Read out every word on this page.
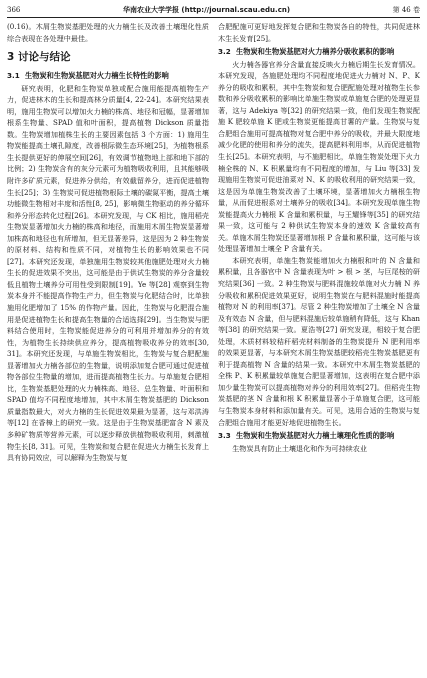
366	华南农业大学学报 (http://journal.scau.edu.cn)	第 46 卷

(0.16)。木屑生物炭基肥处理的火力楠生长及改善土壤理化性质综合表现在各处理中最佳。

3 讨论与结论
3.1 生物炭和生物炭基肥对火力楠生长特性的影响

研究表明，化肥和生物炭单独或配合施用能提高植物生产力，促进林木的生长和提高林分质量[4, 22-24]。本研究结果表明，施用生物炭可以增加火力楠的株高、地径和冠幅，显著增加根系生物量、SPAD 值和叶面积，提高植物 Dickson 质量指数。生物炭增加植株生长的主要因素包括 3 个方面：1) 施用生物炭能提高土壤孔隙度，改善根际微生态环境[25]，为植物根系生长提供更好的伸展空间[26]，有效调节植物地上部和地下部的比例；2) 生物炭含有的灰分元素可为植物吸收利用，且其能够吸附许多矿质元素，促进养分供给，有效截留养分，进而促进植物生长[25]；3) 生物炭可促进植物根际土壤的碳氮平衡，提高土壤功能微生物相对丰度和活性[8, 25]，影响微生物驱动的养分循环和养分形态转化过程[26]。本研究发现，与 CK 相比，施用稻壳生物炭显著增加火力楠的株高和地径，而施用木屑生物炭显著增加株高和地径也有所增加，但无显著差异，这是因为 2 种生物炭的原材料、结构和性质不同，对植物生长的影响效果也不同[27]。本研究还发现，单独施用生物炭较其他施肥处理对火力楠生长的促进效果不突出，这可能是由于供试生物炭的养分含量较低且植物土壤养分可用性受到限制[19]。Ye 等[28] 观察到生物炭本身并不能提高作物生产力，但生物炭与化肥结合时，比单独施用化肥增加了 15% 的作物产量。因此，生物炭与化肥混合施用是促进植物生长和提高生物量的合适选择[29]。当生物炭与肥料结合使用时，生物炭能促进养分的可利用并增加养分的有效性，为植物生长持续供应养分，提高植物吸收养分的效率[30, 31]。本研究还发现，与单施生物炭相比，生物炭与复合肥配施显著增加火力楠各部位的生物量，说明添加复合肥可通过促进植物各部位生物量的增加，进而提高植物生长力。与单施复合肥相比，生物炭基肥处理的火力楠株高、地径、总生物量、叶面积和 SPAD 值均不同程度地增加，其中木屑生物炭基肥的 Dickson 质量指数最大，对火力楠的生长促进效果最为显著，这与邓洪涛等[12] 在香樟上的研究一致。这是由于生物炭基肥富含 N 素及多种矿物质等营养元素，可以逐步释放供植物吸收利用，刺激植物生长[8, 31]。可见，生物炭和复合肥在促进火力楠生长发育上具有协同效应，可以解释为生物炭与复

合肥配施可更好地发挥复合肥和生物炭各自的特性，共同促进林木生长发育[25]。

3.2 生物炭和生物炭基肥对火力楠养分吸收累积的影响

火力楠各器官养分含量直接反映火力楠后期生长发育情况。本研究发现，各施肥处理均不同程度地促进火力楠对 N、P、K 养分的吸收和累积，其中生物炭和复合肥配施处理对植物生长参数和养分吸收累积的影响比单施生物炭或单施复合肥的处理更显著，这与 Adekiya 等[32] 的研究结果一致，他们发现生物炭配施 K 肥较单施 K 肥或生物炭更能提高甘薯的产量。生物炭与复合肥组合施用可提高植物对复合肥中养分的吸收，并最大限度地减少化肥的使用和养分的流失，提高肥料利用率，从而促进植物生长[25]。本研究表明，与不施肥相比，单施生物炭处理下火力楠全株的 N、K 积累量均有不同程度的增加，与 Liu 等[33] 发现施用生物炭可促进油菜对 N、K 的吸收利用的研究结果一致，这是因为单施生物炭改善了土壤环境，显著增加火力楠根生物量，从而促进根系对土壤养分的吸收[34]。本研究发现单施生物炭能提高火力楠根 K 含量和累积量，与王耀锋等[35] 的研究结果一致，这可能与 2 种供试生物炭本身的速效 K 含量较高有关。单施木屑生物炭还显著增加根 P 含量和累积量，这可能与该处理显著增加土壤全 P 含量有关。

本研究表明，单施生物炭能增加火力楠根和叶的 N 含量和累积量，且各器官中 N 含量表现为叶 > 根 > 茎，与巨尾桉的研究结果[36] 一致。2 种生物炭与肥料混施较单施对火力楠 N 养分吸收和累积促进效果更好，说明生物炭在与肥料混施时能提高植物对 N 的利用率[37]。尽管 2 种生物炭增加了土壤全 N 含量及有效态 N 含量，但与肥料混施后较单施稍有降低，这与 Khan 等[38] 的研究结果一致。夏浩等[27] 研究发现，相较于复合肥处理，木质材料较秸秆稻壳材料制备的生物炭提升 N 肥利用率的效果更显著，与本研究木屑生物炭基肥较稻壳生物炭基肥更有利于提高植物 N 含量的结果一致。本研究中木屑生物炭基肥的全株 P、K 积累量较单施复合肥显著增加，这表明在复合肥中添加少量生物炭可以提高植物对养分的利用效率[27]。但稻壳生物炭基肥的茎 N 含量和根 K 积累量显著小于单施复合肥，这可能与生物炭本身材料和添加量有关。可见，选用合适的生物炭与复合肥组合施用才能更好地促进植物生长。

3.3 生物炭和生物炭基肥对火力楠土壤理化性质的影响

生物炭具有防止土壤退化和作为可持续农业
